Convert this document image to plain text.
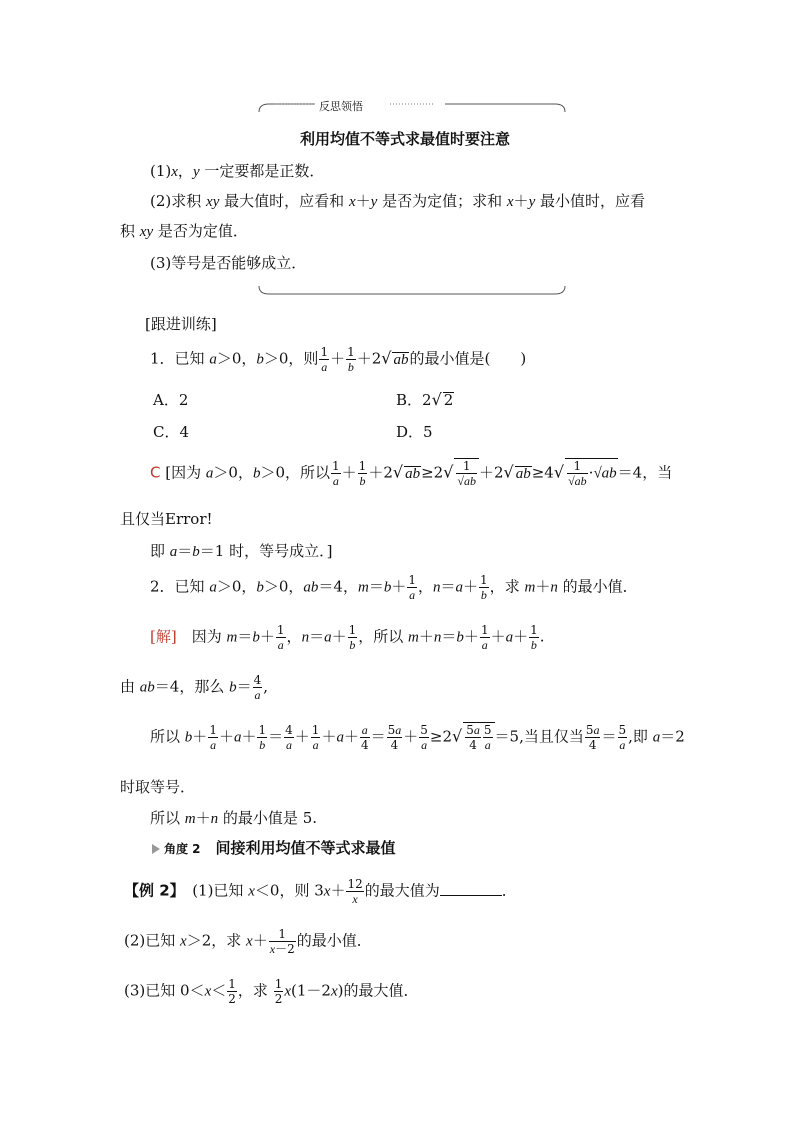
反思领悟
利用均值不等式求最值时要注意
(1)x，y 一定要都是正数．
(2)求积 xy 最大值时，应看和 x＋y 是否为定值；求和 x＋y 最小值时，应看
积 xy 是否为定值．
(3)等号是否能够成立．
[跟进训练]
1．已知 a＞0，b＞0，则 $\frac{1}{a} + \frac{1}{b} +2√$ ab的最小值是(　　)
A．2	B．2√ 2
C．4	D．5
C [因为 a＞0，b＞0，所以 $\frac{1}{a} + \frac{1}{b} +2√$ $ab\ge 2√ \frac{1}{√ab} +2√$ $ab\ge 4√ \frac{1}{√ab} \cdot√ab=4$，当
且仅当Error!
即 a＝b＝1 时，等号成立．]
2．已知 a＞0，b＞0，ab＝4，$m=b+ \frac{1}{a}$ ，$n=a+ \frac{1}{b}$ ，求 m＋n 的最小值．
[解]　 因为 $m=b+ \frac{1}{a}$ ，$n=a+ \frac{1}{b}$ ，所以 $m+n=b+ \frac{1}{a} +a+ \frac{1}{b}$ .
由 ab＝4，那么 $b= \frac{4}{a}$ ,
所以 $b+ \frac{1}{a} +a+ \frac{1}{b} = \frac{4}{a} + \frac{1}{a} +a+ \frac{a}{4} = \frac{5a}{4} + \frac{5}{a} \ge 2√ \frac{5a}{4} \frac{5}{a} =5$,当且仅当 $\frac{5a}{4} = \frac{5}{a}$ ,即 a＝2
时取等号．
所以 m＋n 的最小值是 5.
角度 2　 间接利用均值不等式求最值
【例 2】　 (1)已知 x＜0，则 $3x+ \frac{12}{x}$ 的最大值为	．
(2)已知 x＞2，求 $x+ \frac{1}{x-2}$ 的最小值．
(3)已知 $0<x< \frac{1}{2}$ ，求 $\frac{1}{2} x(1-2x)$的最大值．
